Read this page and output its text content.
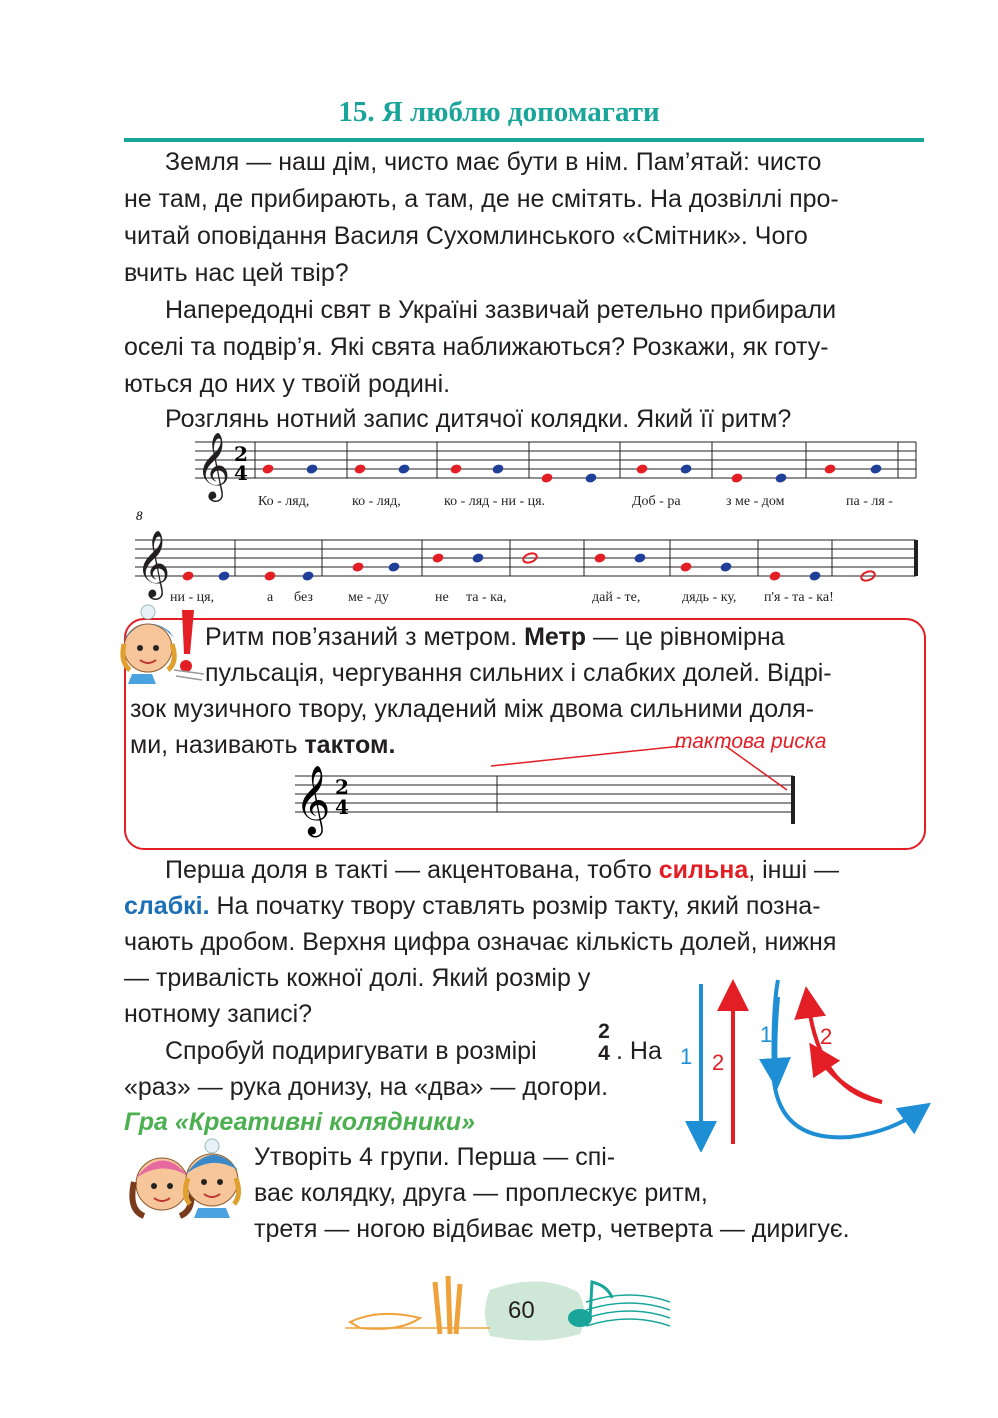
15. Я люблю допомагати
Земля — наш дім, чисто має бути в нім. Пам’ятай: чисто
не там, де прибирають, а там, де не смітять. На дозвіллі про-
читай оповідання Василя Сухомлинського «Смітник». Чого
вчить нас цей твір?
Напередодні свят в Україні зазвичай ретельно прибирали
оселі та подвір’я. Які свята наближаються? Розкажи, як готу-
ються до них у твоїй родині.
Розглянь нотний запис дитячої колядки. Який її ритм?
𝄞 2
4
8
𝄞
Ко - ляд,	ко - ляд,	ко - ляд - ни - ця.	Доб - ра	з ме - дом	па - ля -
ни - ця,	а без	ме - ду	не та - ка,	дай - те,	дядь - ку, п'я - та - ка!
Ритм пов’язаний з метром. Метр — це рівномірна
пульсація, чергування сильних і слабких долей. Відрі-
зок музичного твору, укладений між двома сильними доля-
ми, називають тактом.	тактова риска
𝄞 2
4
Перша доля в такті — акцентована, тобто сильна, інші —
слабкі. На початку твору ставлять розмір такту, який позна-
чають дробом. Верхня цифра означає кількість долей, нижня
— тривалість кожної долі. Який розмір у
нотному записі?
Спробуй подиригувати в розмірі
2
4 . На
«раз» — рука донизу, на «два» — догори.
1 2
1 2
Гра «Креативні колядники»
Утворіть 4 групи. Перша — спі-
ває колядку, друга — проплескує ритм,
третя — ногою відбиває метр, четверта — диригує.
60
